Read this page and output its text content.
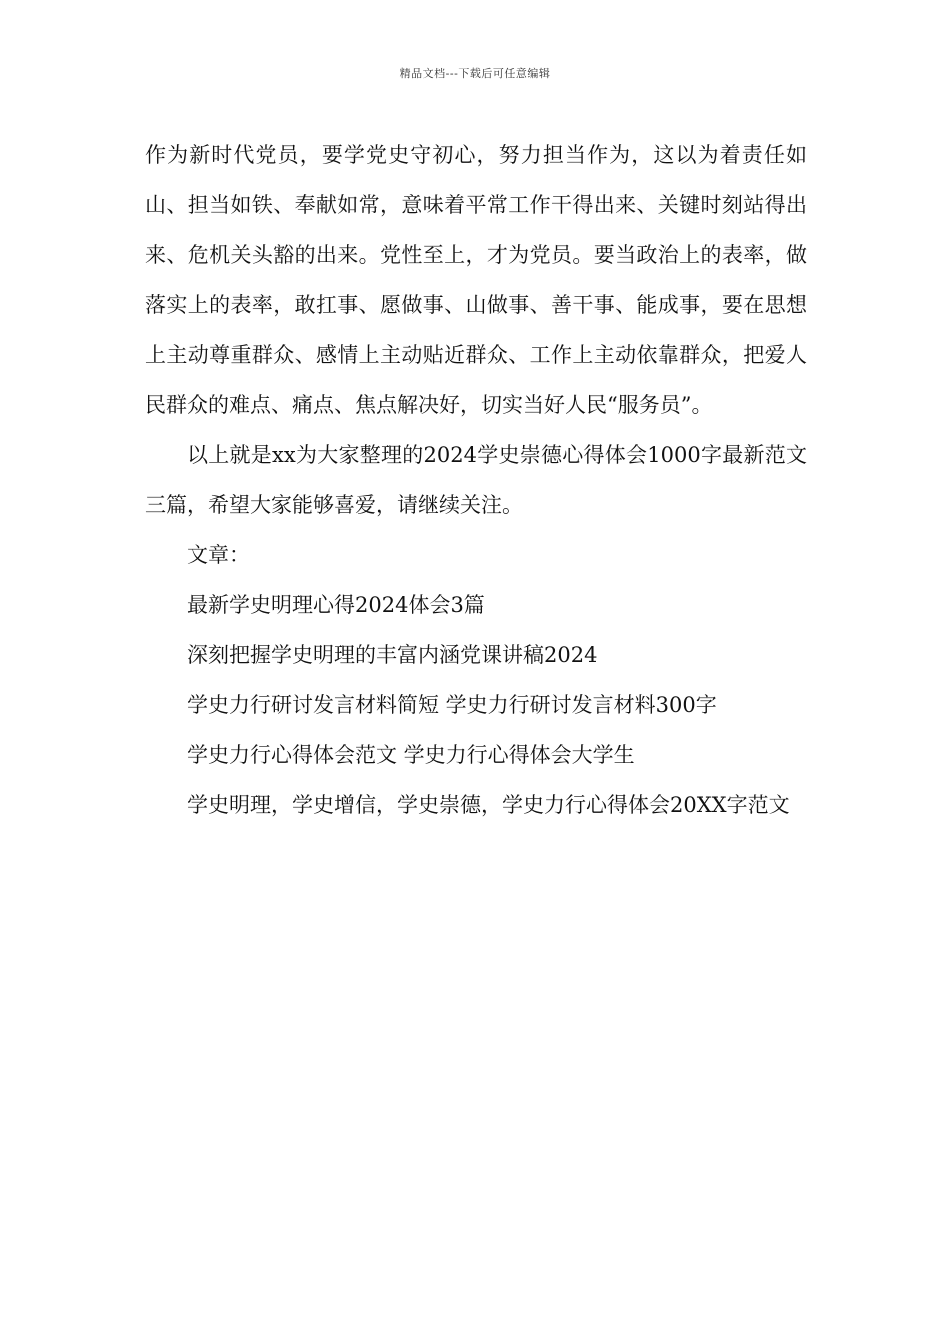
精品文档---下载后可任意编辑

作为新时代党员，要学党史守初心，努力担当作为，这以为着责任如山、担当如铁、奉献如常，意味着平常工作干得出来、关键时刻站得出来、危机关头豁的出来。党性至上，才为党员。要当政治上的表率，做落实上的表率，敢扛事、愿做事、山做事、善干事、能成事，要在思想上主动尊重群众、感情上主动贴近群众、工作上主动依靠群众，把爱人民群众的难点、痛点、焦点解决好，切实当好人民“服务员”。

以上就是xx为大家整理的2024学史崇德心得体会1000字最新范文三篇，希望大家能够喜爱，请继续关注。

文章：

最新学史明理心得2024体会3篇

深刻把握学史明理的丰富内涵党课讲稿2024

学史力行研讨发言材料简短 学史力行研讨发言材料300字

学史力行心得体会范文 学史力行心得体会大学生

学史明理，学史增信，学史崇德，学史力行心得体会20XX字范文
